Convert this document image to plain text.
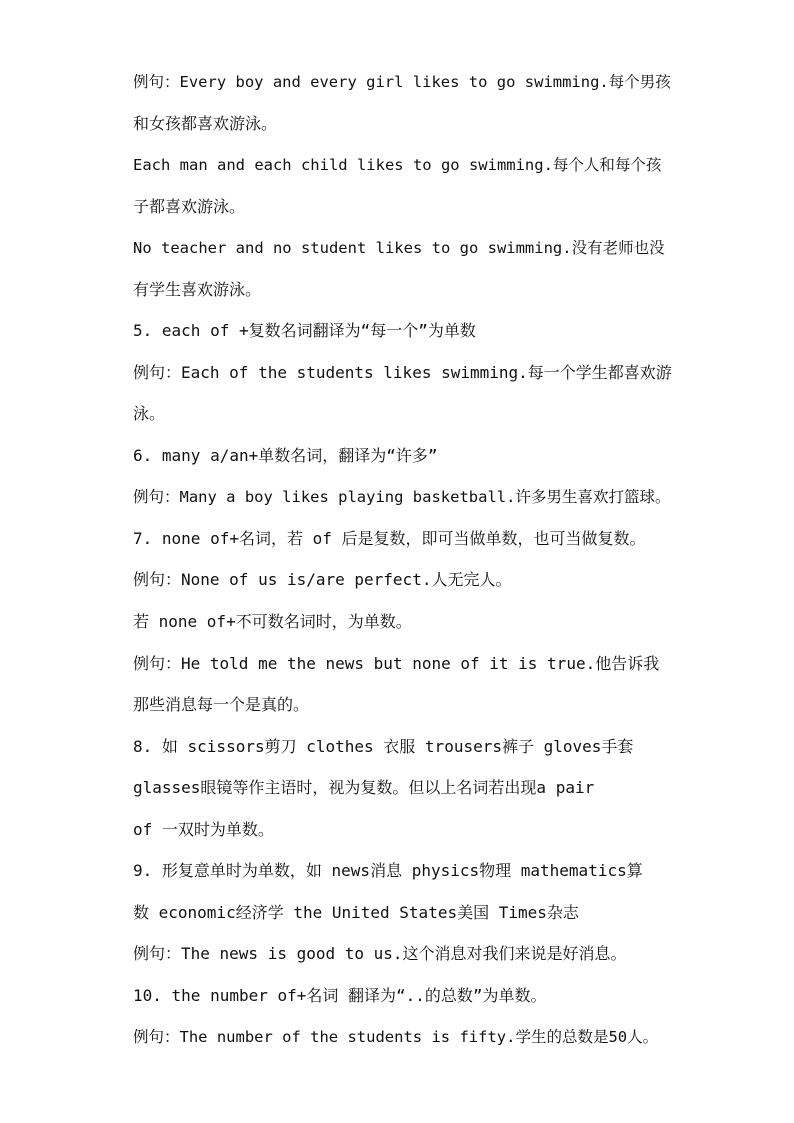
例句：Every boy and every girl likes to go swimming.每个男孩
和女孩都喜欢游泳。
Each man and each child likes to go swimming.每个人和每个孩
子都喜欢游泳。
No teacher and no student likes to go swimming.没有老师也没
有学生喜欢游泳。
5. each of +复数名词翻译为“每一个”为单数
例句：Each of the students likes swimming.每一个学生都喜欢游
泳。
6. many a/an+单数名词，翻译为“许多”
例句：Many a boy likes playing basketball.许多男生喜欢打篮球。
7. none of+名词，若 of 后是复数，即可当做单数，也可当做复数。
例句：None of us is/are perfect.人无完人。
若 none of+不可数名词时，为单数。
例句：He told me the news but none of it is true.他告诉我
那些消息每一个是真的。
8. 如 scissors剪刀 clothes 衣服 trousers裤子 gloves手套
glasses眼镜等作主语时，视为复数。但以上名词若出现a pair
of 一双时为单数。
9. 形复意单时为单数，如 news消息 physics物理 mathematics算
数 economic经济学 the United States美国 Times杂志
例句：The news is good to us.这个消息对我们来说是好消息。
10. the number of+名词 翻译为“..的总数”为单数。
例句：The number of the students is fifty.学生的总数是50人。
